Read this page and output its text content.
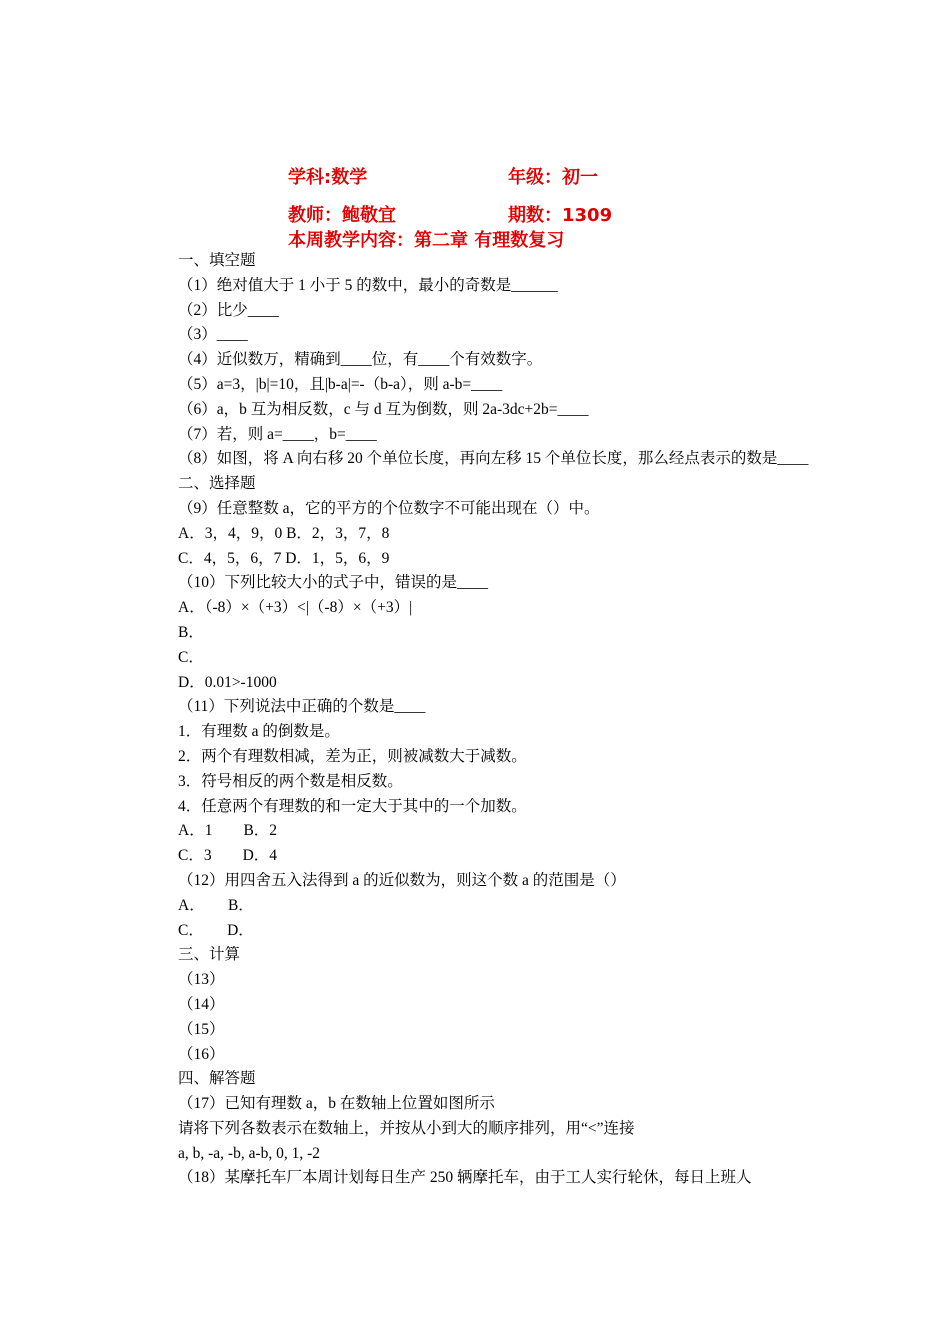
学科:数学	年级：初一
教师：鲍敬宜	期数：1309
本周教学内容：第二章 有理数复习
一、填空题
（1）绝对值大于 1 小于 5 的数中，最小的奇数是______
（2）比少____
（3）____
（4）近似数万，精确到____位，有____个有效数字。
（5）a=3，|b|=10，且|b-a|=-（b-a），则 a-b=____
（6）a，b 互为相反数，c 与 d 互为倒数，则 2a-3dc+2b=____
（7）若，则 a=____，b=____
（8）如图，将 A 向右移 20 个单位长度，再向左移 15 个单位长度，那么经点表示的数是____
二、选择题
（9）任意整数 a，它的平方的个位数字不可能出现在（）中。
A．3，4，9，0 B．2，3，7，8
C．4，5，6，7 D．1，5，6，9
（10）下列比较大小的式子中，错误的是____
A．（-8）×（+3）<|（-8）×（+3）|
B．
C．
D．0.01>-1000
（11）下列说法中正确的个数是____
1．有理数 a 的倒数是。
2．两个有理数相减，差为正，则被减数大于减数。
3．符号相反的两个数是相反数。
4．任意两个有理数的和一定大于其中的一个加数。
A．1　　B．2
C．3　　D．4
（12）用四舍五入法得到 a 的近似数为，则这个数 a 的范围是（）
A．　　B．
C．　　D．
三、计算
（13）
（14）
（15）
（16）
四、解答题
（17）已知有理数 a，b 在数轴上位置如图所示
请将下列各数表示在数轴上，并按从小到大的顺序排列，用“<”连接
a, b, -a, -b, a-b, 0, 1, -2
（18）某摩托车厂本周计划每日生产 250 辆摩托车，由于工人实行轮休，每日上班人
